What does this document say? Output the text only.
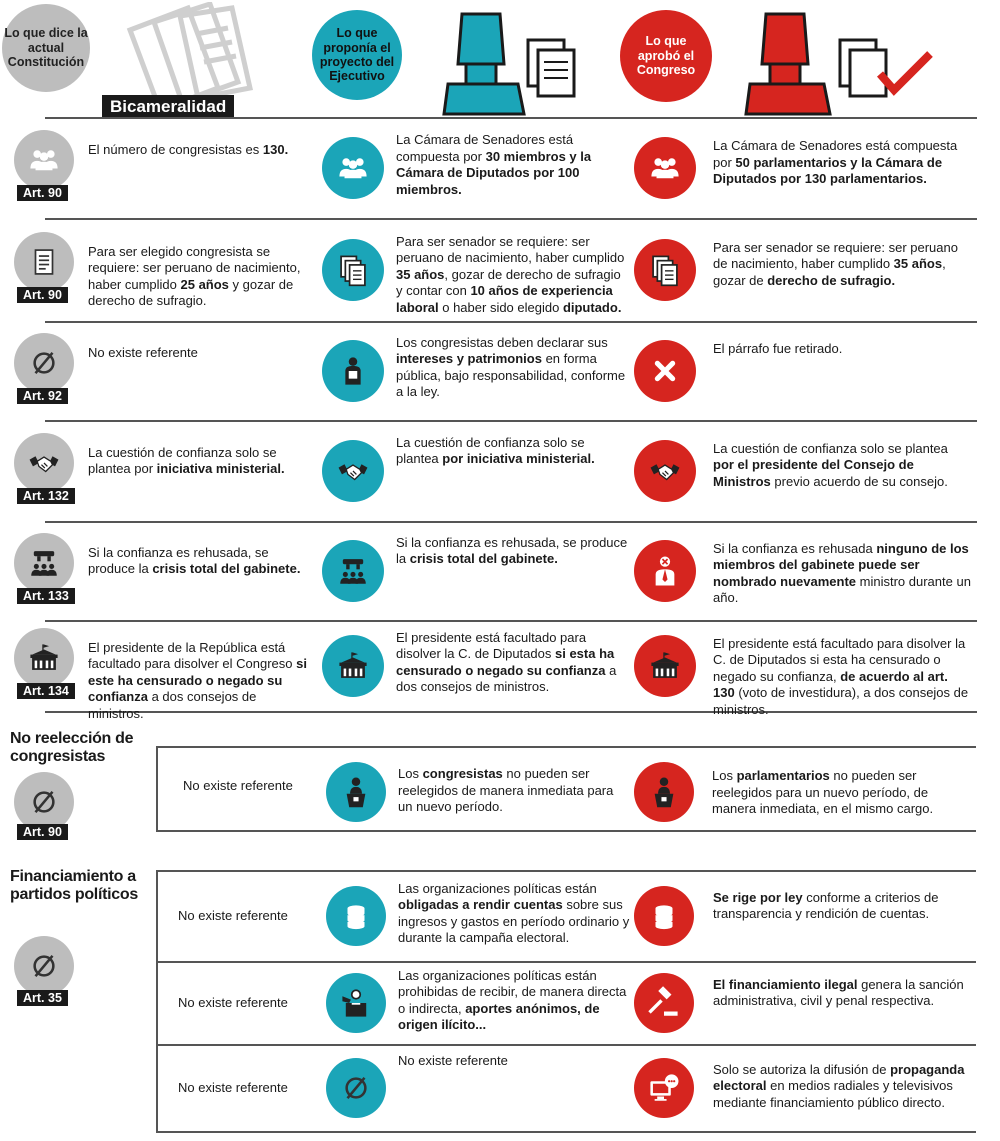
Lo que dice la actual Constitución
Bicameralidad
Lo que proponía el proyecto del Ejecutivo
Lo que aprobó el Congreso
Art. 90
El número de congresistas es 130.
La Cámara de Senadores está compuesta por 30 miembros y la Cámara de Diputados por 100 miembros.
La Cámara de Senadores está compuesta por 50 parlamentarios y la Cámara de Diputados por 130 parlamentarios.
Art. 90
Para ser elegido congresista se requiere: ser peruano de nacimiento, haber cumplido 25 años y gozar de derecho de sufragio.
Para ser senador se requiere: ser peruano de nacimiento, haber cumplido 35 años, gozar de derecho de sufragio y contar con 10 años de experiencia laboral o haber sido elegido diputado.
Para ser senador se requiere: ser peruano de nacimiento, haber cumplido 35 años, gozar de derecho de sufragio.
Art. 92
No existe referente
Los congresistas deben declarar sus intereses y patrimonios en forma pública, bajo responsabilidad, conforme a la ley.
El párrafo fue retirado.
Art. 132
La cuestión de confianza solo se plantea por iniciativa ministerial.
La cuestión de confianza solo se plantea por iniciativa ministerial.
La cuestión de confianza solo se plantea por el presidente del Consejo de Ministros previo acuerdo de su consejo.
Art. 133
Si la confianza es rehusada, se produce la crisis total del gabinete.
Si la confianza es rehusada, se produce la crisis total del gabinete.
Si la confianza es rehusada ninguno de los miembros del gabinete puede ser nombrado nuevamente ministro durante un año.
Art. 134
El presidente de la República está facultado para disolver el Congreso si este ha censurado o negado su confianza a dos consejos de ministros.
El presidente está facultado para disolver la C. de Diputados si esta ha censurado o negado su confianza a dos consejos de ministros.
El presidente está facultado para disolver la C. de Diputados si esta ha censurado o negado su confianza, de acuerdo al art. 130 (voto de investidura), a dos consejos de ministros.
No reelección de congresistas
Art. 90
No existe referente
Los congresistas no pueden ser reelegidos de manera inmediata para un nuevo período.
Los parlamentarios no pueden ser reelegidos para un nuevo período, de manera inmediata, en el mismo cargo.
Financiamiento a partidos políticos
Art. 35
No existe referente
Las organizaciones políticas están obligadas a rendir cuentas sobre sus ingresos y gastos en período ordinario y durante la campaña electoral.
Se rige por ley conforme a criterios de transparencia y rendición de cuentas.
No existe referente
Las organizaciones políticas están prohibidas de recibir, de manera directa o indirecta, aportes anónimos, de origen ilícito...
El financiamiento ilegal genera la sanción administrativa, civil y penal respectiva.
No existe referente
No existe referente
Solo se autoriza la difusión de propaganda electoral en medios radiales y televisivos mediante financiamiento público directo.
